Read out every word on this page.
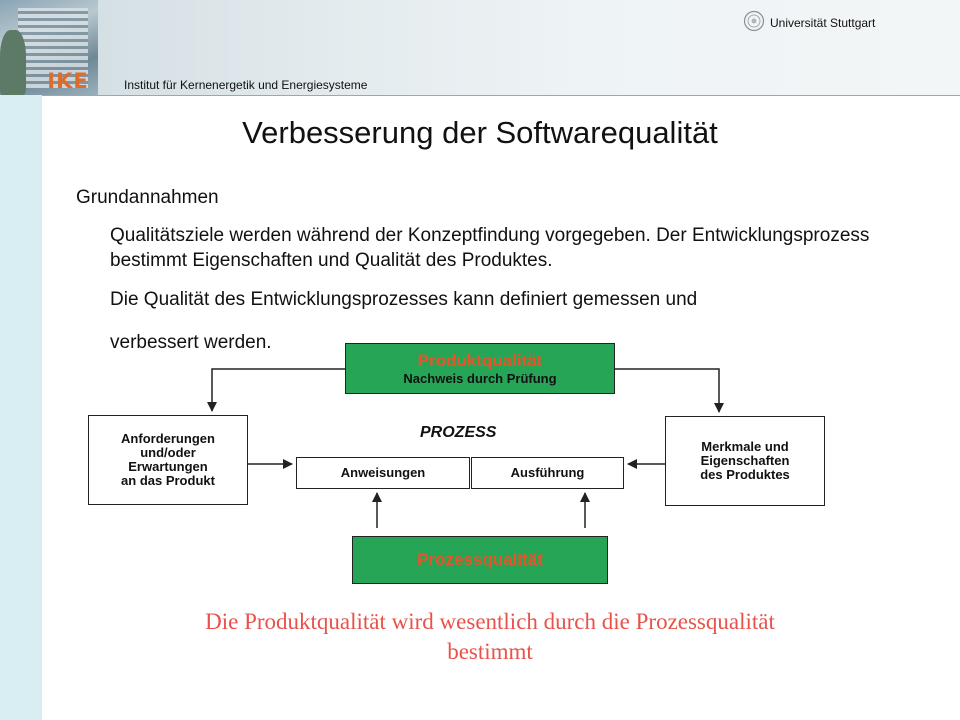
IKE
Universität Stuttgart
Institut für Kernenergetik und Energiesysteme
Verbesserung der Softwarequalität
Grundannahmen
Qualitätsziele werden während der Konzeptfindung vorgegeben. Der Entwicklungsprozess bestimmt Eigenschaften und Qualität des Produktes.
Die Qualität des Entwicklungsprozesses kann definiert gemessen und
verbessert werden.
Produktqualität
Nachweis durch Prüfung
Anforderungen
und/oder
Erwartungen
an das Produkt
PROZESS
Anweisungen	Ausführung
Merkmale und
Eigenschaften
des Produktes
Prozessqualität
Die Produktqualität wird wesentlich durch die Prozessqualität
bestimmt
